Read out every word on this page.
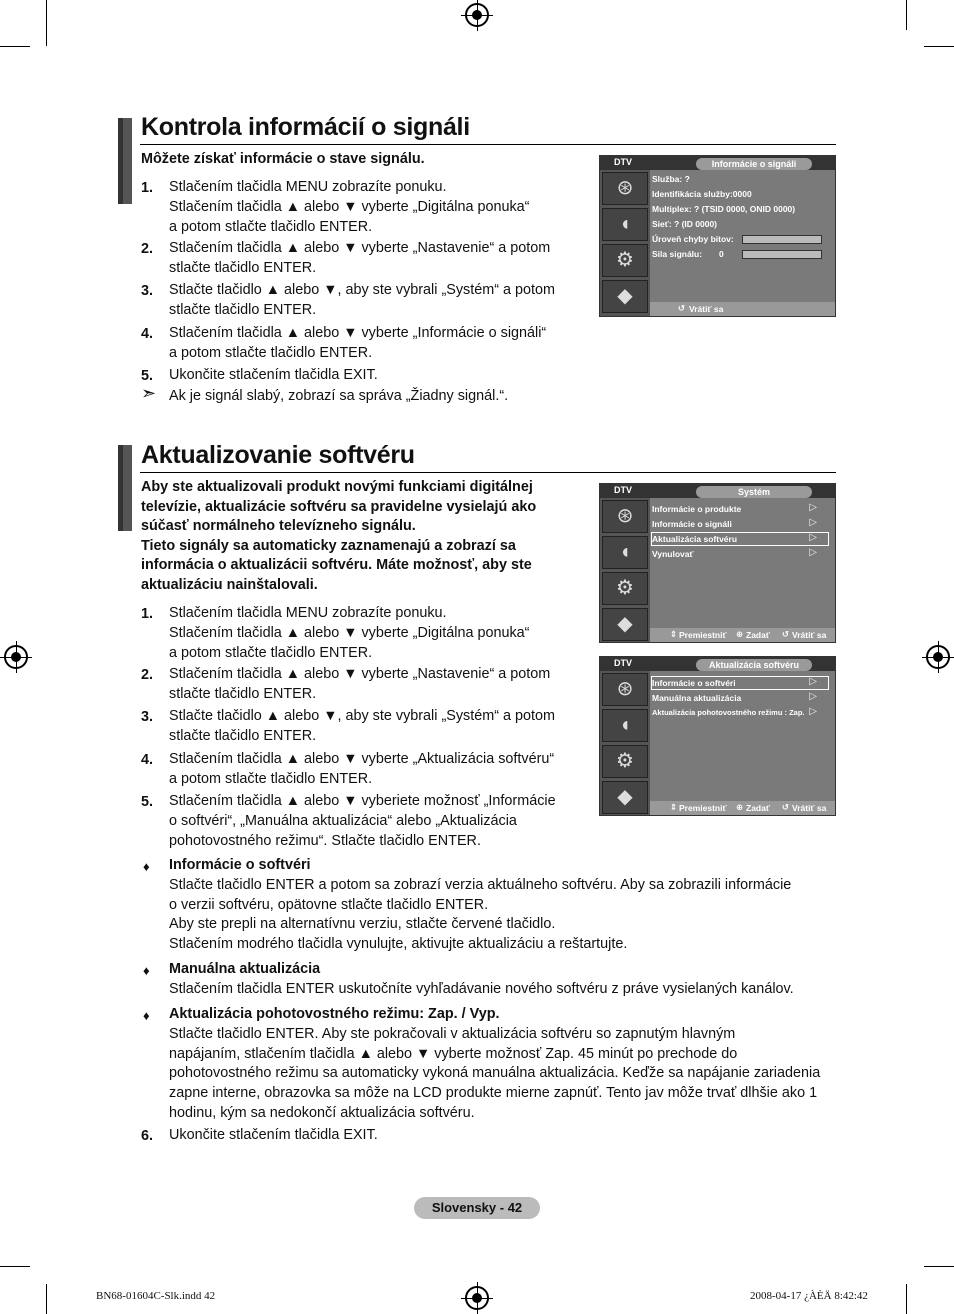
Kontrola informácií o signáli
Môžete získať informácie o stave signálu.
1. Stlačením tlačidla MENU zobrazíte ponuku.
Stlačením tlačidla ▲ alebo ▼ vyberte „Digitálna ponuka“
a potom stlačte tlačidlo ENTER.
2. Stlačením tlačidla ▲ alebo ▼ vyberte „Nastavenie“ a potom
stlačte tlačidlo ENTER.
3. Stlačte tlačidlo ▲ alebo ▼, aby ste vybrali „Systém“ a potom
stlačte tlačidlo ENTER.
4. Stlačením tlačidla ▲ alebo ▼ vyberte „Informácie o signáli“
a potom stlačte tlačidlo ENTER.
5. Ukončite stlačením tlačidla EXIT.
➣ Ak je signál slabý, zobrazí sa správa „Žiadny signál.“.
DTV	Informácie o signáli
⊛
◖
⚙
◆
Služba: ?
Identifikácia služby:0000
Multiplex: ? (TSID 0000, ONID 0000)
Sieť: ? (ID 0000)
Úroveň chyby bitov:
Sila signálu: 0
↺ Vrátiť sa
Aktualizovanie softvéru
Aby ste aktualizovali produkt novými funkciami digitálnej
televízie, aktualizácie softvéru sa pravidelne vysielajú ako
súčasť normálneho televízneho signálu.
Tieto signály sa automaticky zaznamenajú a zobrazí sa
informácia o aktualizácii softvéru. Máte možnosť, aby ste
aktualizáciu nainštalovali.
1. Stlačením tlačidla MENU zobrazíte ponuku.
Stlačením tlačidla ▲ alebo ▼ vyberte „Digitálna ponuka“
a potom stlačte tlačidlo ENTER.
2. Stlačením tlačidla ▲ alebo ▼ vyberte „Nastavenie“ a potom
stlačte tlačidlo ENTER.
3. Stlačte tlačidlo ▲ alebo ▼, aby ste vybrali „Systém“ a potom
stlačte tlačidlo ENTER.
4. Stlačením tlačidla ▲ alebo ▼ vyberte „Aktualizácia softvéru“
a potom stlačte tlačidlo ENTER.
5. Stlačením tlačidla ▲ alebo ▼ vyberiete možnosť „Informácie
o softvéri“, „Manuálna aktualizácia“ alebo „Aktualizácia
pohotovostného režimu“. Stlačte tlačidlo ENTER.
♦ Informácie o softvéri
Stlačte tlačidlo ENTER a potom sa zobrazí verzia aktuálneho softvéru. Aby sa zobrazili informácie
o verzii softvéru, opätovne stlačte tlačidlo ENTER.
Aby ste prepli na alternatívnu verziu, stlačte červené tlačidlo.
Stlačením modrého tlačidla vynulujte, aktivujte aktualizáciu a reštartujte.
♦ Manuálna aktualizácia
Stlačením tlačidla ENTER uskutočníte vyhľadávanie nového softvéru z práve vysielaných kanálov.
♦ Aktualizácia pohotovostného režimu: Zap. / Vyp.
Stlačte tlačidlo ENTER. Aby ste pokračovali v aktualizácia softvéru so zapnutým hlavným
napájaním, stlačením tlačidla ▲ alebo ▼ vyberte možnosť Zap. 45 minút po prechode do
pohotovostného režimu sa automaticky vykoná manuálna aktualizácia. Keďže sa napájanie zariadenia
zapne interne, obrazovka sa môže na LCD produkte mierne zapnúť. Tento jav môže trvať dlhšie ako 1
hodinu, kým sa nedokončí aktualizácia softvéru.
6. Ukončite stlačením tlačidla EXIT.
DTV	Systém
⊛
◖
⚙
◆
Informácie o produkte	▷
Informácie o signáli	▷
Aktualizácia softvéru	▷
Vynulovať	▷
⇕ Premiestniť ⊕ Zadať ↺ Vrátiť sa
DTV	Aktualizácia softvéru
⊛
◖
⚙
◆
Informácie o softvéri	▷
Manuálna aktualizácia	▷
Aktualizácia pohotovostného režimu : Zap. ▷
⇕ Premiestniť ⊕ Zadať ↺ Vrátiť sa
Slovensky - 42
BN68-01604C-Slk.indd 42	2008-04-17 ¿ÀÈÄ 8:42:42
